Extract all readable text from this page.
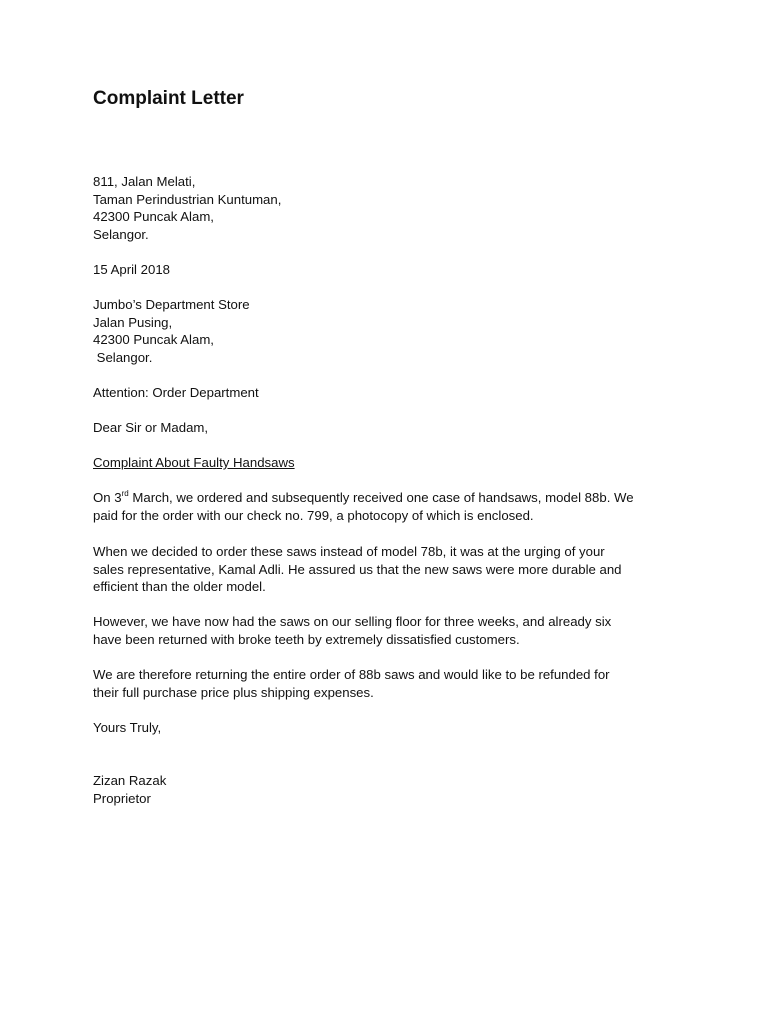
Complaint Letter
811, Jalan Melati,
Taman Perindustrian Kuntuman,
42300 Puncak Alam,
Selangor.
15 April 2018
Jumbo’s Department Store
Jalan Pusing,
42300 Puncak Alam,
Selangor.
Attention: Order Department
Dear Sir or Madam,
Complaint About Faulty Handsaws
On 3rd March, we ordered and subsequently received one case of handsaws, model 88b. We
paid for the order with our check no. 799, a photocopy of which is enclosed.
When we decided to order these saws instead of model 78b, it was at the urging of your
sales representative, Kamal Adli. He assured us that the new saws were more durable and
efficient than the older model.
However, we have now had the saws on our selling floor for three weeks, and already six
have been returned with broke teeth by extremely dissatisfied customers.
We are therefore returning the entire order of 88b saws and would like to be refunded for
their full purchase price plus shipping expenses.
Yours Truly,
Zizan Razak
Proprietor
